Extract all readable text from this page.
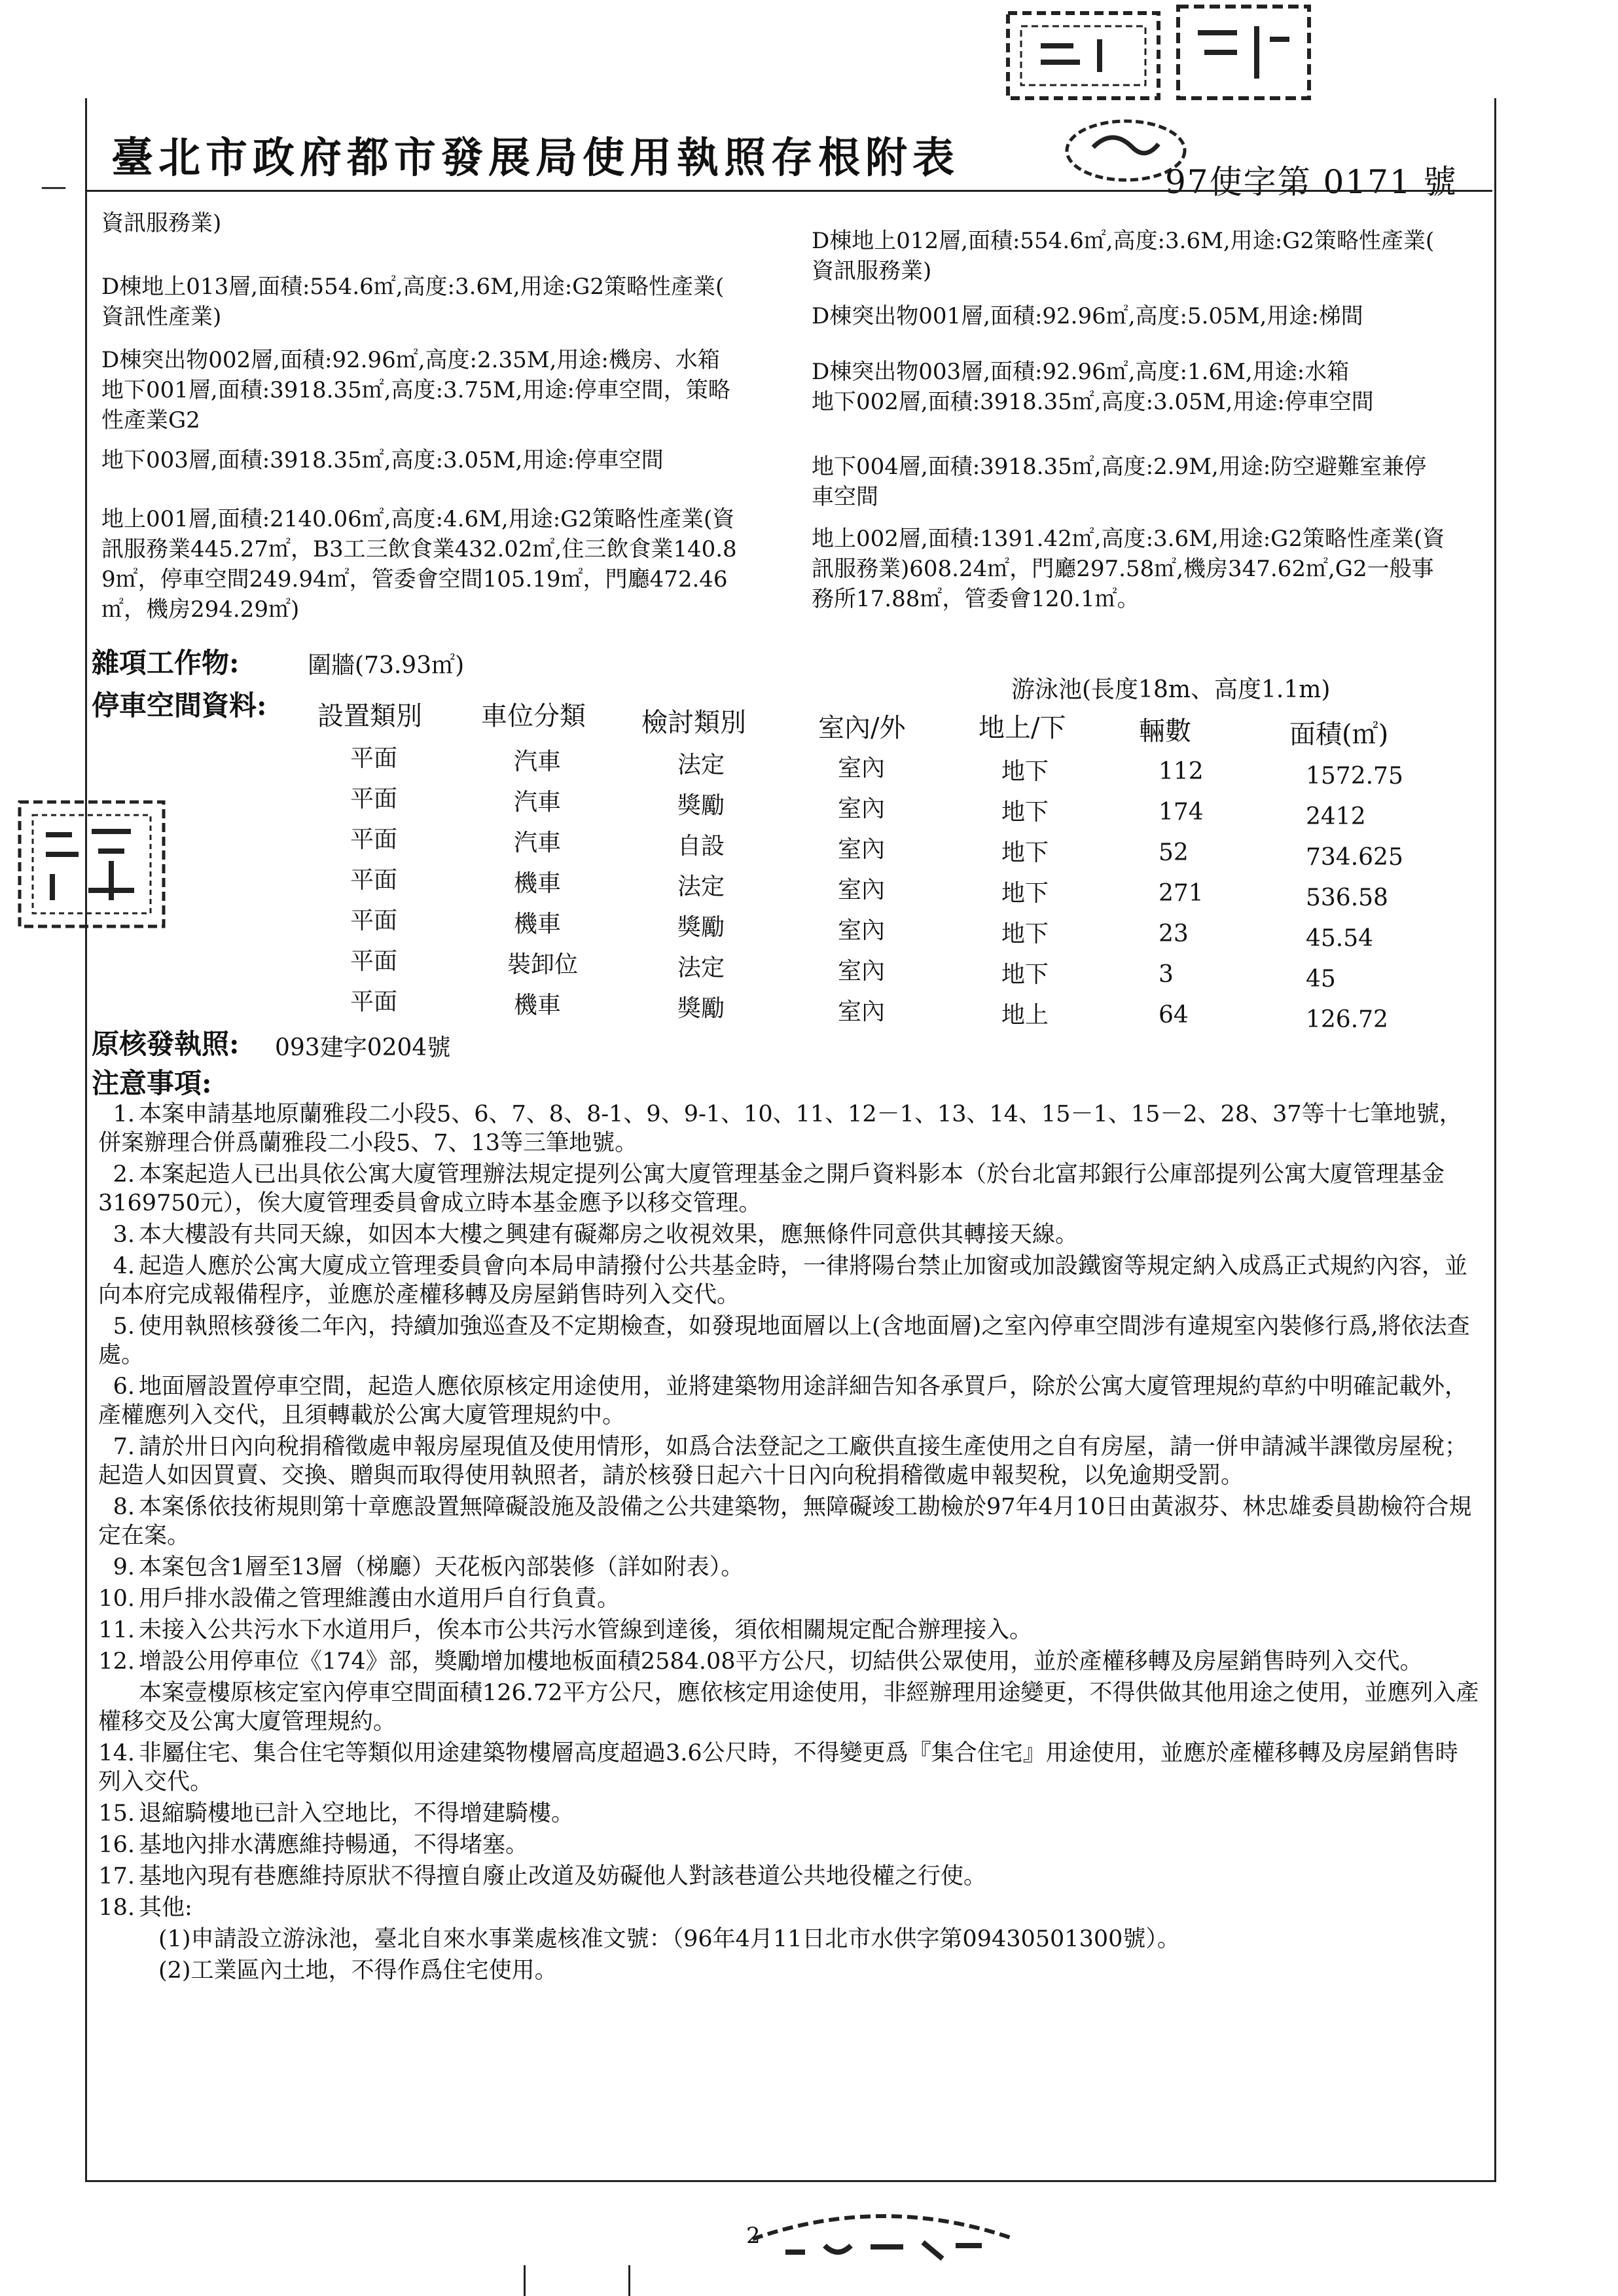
—
臺北市政府都市發展局使用執照存根附表	97使字第 0171 號
資訊服務業)
D棟地上013層,面積:554.6㎡,高度:3.6M,用途:G2策略性產業(
資訊性產業)
D棟突出物002層,面積:92.96㎡,高度:2.35M,用途:機房、水箱
地下001層,面積:3918.35㎡,高度:3.75M,用途:停車空間，策略
性產業G2
地下003層,面積:3918.35㎡,高度:3.05M,用途:停車空間
地上001層,面積:2140.06㎡,高度:4.6M,用途:G2策略性產業(資
訊服務業445.27㎡，B3工三飲食業432.02㎡,住三飲食業140.8
9㎡，停車空間249.94㎡，管委會空間105.19㎡，門廳472.46
㎡，機房294.29㎡)
D棟地上012層,面積:554.6㎡,高度:3.6M,用途:G2策略性產業(
資訊服務業)
D棟突出物001層,面積:92.96㎡,高度:5.05M,用途:梯間
D棟突出物003層,面積:92.96㎡,高度:1.6M,用途:水箱
地下002層,面積:3918.35㎡,高度:3.05M,用途:停車空間
地下004層,面積:3918.35㎡,高度:2.9M,用途:防空避難室兼停
車空間
地上002層,面積:1391.42㎡,高度:3.6M,用途:G2策略性產業(資
訊服務業)608.24㎡，門廳297.58㎡,機房347.62㎡,G2一般事
務所17.88㎡，管委會120.1㎡。
雜項工作物:	圍牆(73.93㎡)
游泳池(長度18m、高度1.1m)
停車空間資料: 設置類別 車位分類 檢討類別	室內/外	地上/下	輛數	面積(㎡)
平面	汽車	法定	室內	地下	112	1572.75
平面	汽車	獎勵	室內	地下	174	2412
平面	汽車	自設	室內	地下	52	734.625
平面	機車	法定	室內	地下	271	536.58
平面	機車	獎勵	室內	地下	23	45.54
平面	裝卸位	法定	室內	地下	3	45
平面	機車	獎勵	室內	地上	64	126.72
原核發執照: 093建字0204號
注意事項:
1. 本案申請基地原蘭雅段二小段5、6、7、8、8-1、9、9-1、10、11、12－1、13、14、15－1、15－2、28、37等十七筆地號，併案辦理合併爲蘭雅段二小段5、7、13等三筆地號。
2. 本案起造人已出具依公寓大廈管理辦法規定提列公寓大廈管理基金之開戶資料影本（於台北富邦銀行公庫部提列公寓大廈管理基金3169750元），俟大廈管理委員會成立時本基金應予以移交管理。
3. 本大樓設有共同天線，如因本大樓之興建有礙鄰房之收視效果，應無條件同意供其轉接天線。
4. 起造人應於公寓大廈成立管理委員會向本局申請撥付公共基金時，一律將陽台禁止加窗或加設鐵窗等規定納入成爲正式規約內容，並向本府完成報備程序，並應於產權移轉及房屋銷售時列入交代。
5. 使用執照核發後二年內，持續加強巡查及不定期檢查，如發現地面層以上(含地面層)之室內停車空間涉有違規室內裝修行爲,將依法查處。
6. 地面層設置停車空間，起造人應依原核定用途使用，並將建築物用途詳細告知各承買戶，除於公寓大廈管理規約草約中明確記載外，產權應列入交代，且須轉載於公寓大廈管理規約中。
7. 請於卅日內向稅捐稽徵處申報房屋現值及使用情形，如爲合法登記之工廠供直接生產使用之自有房屋，請一併申請減半課徵房屋稅；起造人如因買賣、交換、贈與而取得使用執照者，請於核發日起六十日內向稅捐稽徵處申報契稅，以免逾期受罰。
8. 本案係依技術規則第十章應設置無障礙設施及設備之公共建築物，無障礙竣工勘檢於97年4月10日由黃淑芬、林忠雄委員勘檢符合規定在案。
9. 本案包含1層至13層（梯廳）天花板內部裝修（詳如附表）。
10. 用戶排水設備之管理維護由水道用戶自行負責。
11. 未接入公共污水下水道用戶，俟本市公共污水管線到達後，須依相關規定配合辦理接入。
12. 增設公用停車位《174》部，獎勵增加樓地板面積2584.08平方公尺，切結供公眾使用，並於產權移轉及房屋銷售時列入交代。
本案壹樓原核定室內停車空間面積126.72平方公尺，應依核定用途使用，非經辦理用途變更，不得供做其他用途之使用，並應列入產權移交及公寓大廈管理規約。
14. 非屬住宅、集合住宅等類似用途建築物樓層高度超過3.6公尺時，不得變更爲『集合住宅』用途使用，並應於產權移轉及房屋銷售時列入交代。
15. 退縮騎樓地已計入空地比，不得增建騎樓。
16. 基地內排水溝應維持暢通，不得堵塞。
17. 基地內現有巷應維持原狀不得擅自廢止改道及妨礙他人對該巷道公共地役權之行使。
18. 其他:
(1)申請設立游泳池，臺北自來水事業處核准文號：（96年4月11日北市水供字第09430501300號）。
(2)工業區內土地，不得作爲住宅使用。
2
